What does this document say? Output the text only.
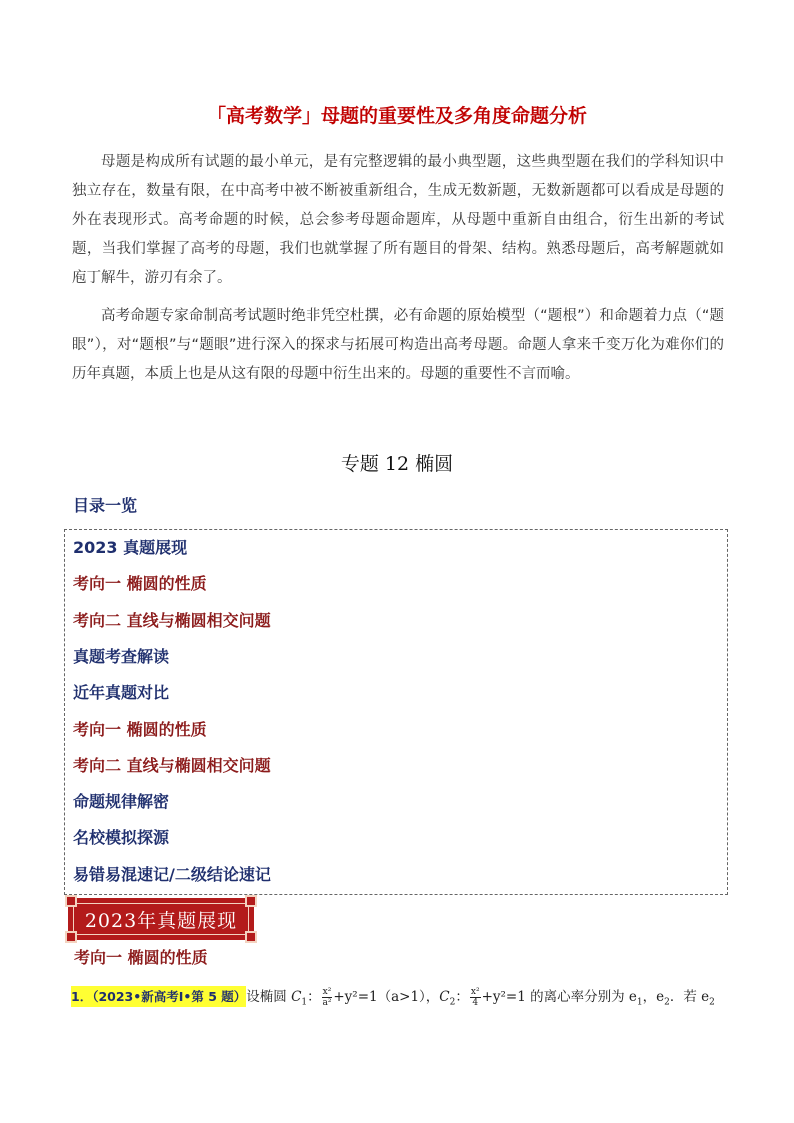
「高考数学」母题的重要性及多角度命题分析
母题是构成所有试题的最小单元，是有完整逻辑的最小典型题，这些典型题在我们的学科知识中独立存在，数量有限，在中高考中被不断被重新组合，生成无数新题，无数新题都可以看成是母题的外在表现形式。高考命题的时候，总会参考母题命题库，从母题中重新自由组合，衍生出新的考试题，当我们掌握了高考的母题，我们也就掌握了所有题目的骨架、结构。熟悉母题后，高考解题就如庖丁解牛，游刃有余了。
高考命题专家命制高考试题时绝非凭空杜撰，必有命题的原始模型（“题根”）和命题着力点（“题眼”），对“题根”与“题眼”进行深入的探求与拓展可构造出高考母题。命题人拿来千变万化为难你们的历年真题，本质上也是从这有限的母题中衍生出来的。母题的重要性不言而喻。
专题 12 椭圆
目录一览
2023 真题展现
考向一 椭圆的性质
考向二 直线与椭圆相交问题
真题考查解读
近年真题对比
考向一 椭圆的性质
考向二 直线与椭圆相交问题
命题规律解密
名校模拟探源
易错易混速记/二级结论速记
2023年真题展现
考向一 椭圆的性质
1．（2023•新高考Ⅰ•第 5 题）设椭圆 $C_1$： $\frac{\text{x²}}{\text{a²}} +y^2=1(a>1)$，$C_2$： $\frac{\text{x²}}{4} +y^2=1$ 的离心率分别为 $e_1$，$e_2$．若 $e_2$
